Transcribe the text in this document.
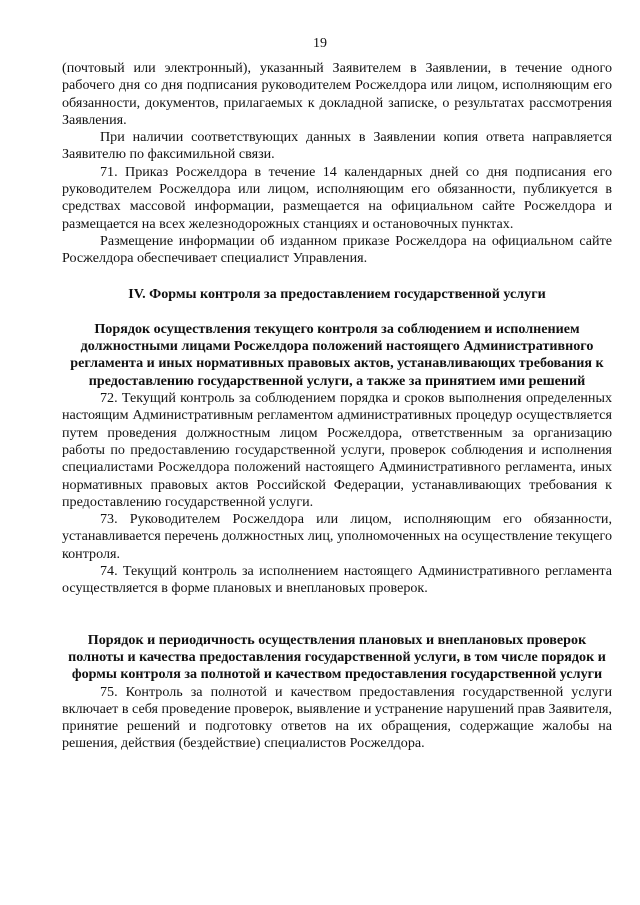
19

(почтовый или электронный), указанный Заявителем в Заявлении, в течение одного рабочего дня со дня подписания руководителем Росжелдора или лицом, исполняющим его обязанности, документов, прилагаемых к докладной записке, о результатах рассмотрения Заявления.

При наличии соответствующих данных в Заявлении копия ответа направляется Заявителю по факсимильной связи.

71. Приказ Росжелдора в течение 14 календарных дней со дня подписания его руководителем Росжелдора или лицом, исполняющим его обязанности, публикуется в средствах массовой информации, размещается на официальном сайте Росжелдора и размещается на всех железнодорожных станциях и остановочных пунктах.

Размещение информации об изданном приказе Росжелдора на официальном сайте Росжелдора обеспечивает специалист Управления.

IV. Формы контроля за предоставлением государственной услуги

Порядок осуществления текущего контроля за соблюдением и исполнением должностными лицами Росжелдора положений настоящего Административного регламента и иных нормативных правовых актов, устанавливающих требования к предоставлению государственной услуги, а также за принятием ими решений

72. Текущий контроль за соблюдением порядка и сроков выполнения определенных настоящим Административным регламентом административных процедур осуществляется путем проведения должностным лицом Росжелдора, ответственным за организацию работы по предоставлению государственной услуги, проверок соблюдения и исполнения специалистами Росжелдора положений настоящего Административного регламента, иных нормативных правовых актов Российской Федерации, устанавливающих требования к предоставлению государственной услуги.

73. Руководителем Росжелдора или лицом, исполняющим его обязанности, устанавливается перечень должностных лиц, уполномоченных на осуществление текущего контроля.

74. Текущий контроль за исполнением настоящего Административного регламента осуществляется в форме плановых и внеплановых проверок.

Порядок и периодичность осуществления плановых и внеплановых проверок полноты и качества предоставления государственной услуги, в том числе порядок и формы контроля за полнотой и качеством предоставления государственной услуги

75. Контроль за полнотой и качеством предоставления государственной услуги включает в себя проведение проверок, выявление и устранение нарушений прав Заявителя, принятие решений и подготовку ответов на их обращения, содержащие жалобы на решения, действия (бездействие) специалистов Росжелдора.
